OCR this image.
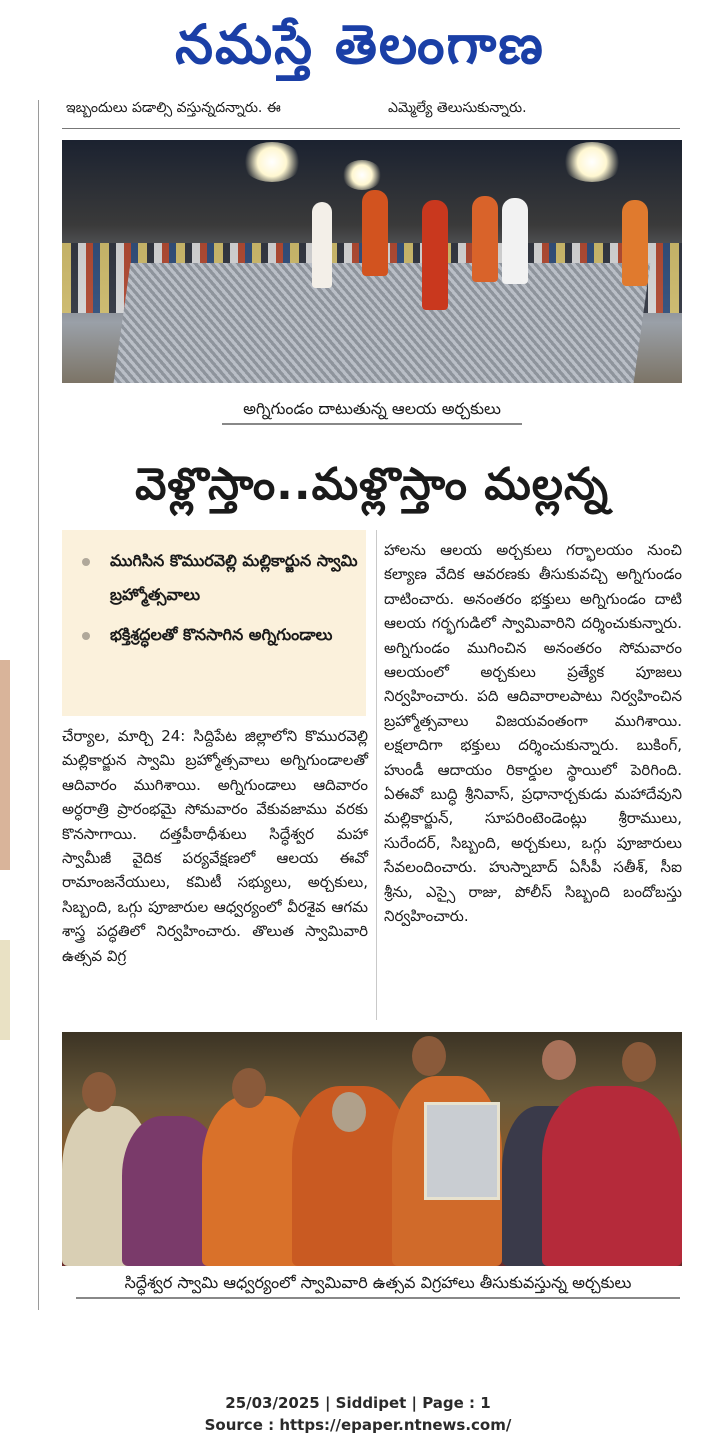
నమస్తే తెలంగాణ
ఇబ్బందులు పడాల్సి వస్తున్నదన్నారు. ఈ	ఎమ్మెల్యే తెలుసుకున్నారు.
అగ్నిగుండం దాటుతున్న ఆలయ అర్చకులు
వెళ్లొస్తాం..మళ్లొస్తాం మల్లన్న
ముగిసిన కొమురవెల్లి మల్లికార్జున స్వామి బ్రహ్మోత్సవాలు
భక్తిశ్రద్ధలతో కొనసాగిన అగ్నిగుండాలు

చేర్యాల, మార్చి 24: సిద్దిపేట జిల్లాలోని కొమురవెల్లి మల్లికార్జున స్వామి బ్రహ్మోత్సవాలు అగ్నిగుండాలతో ఆదివారం ముగిశాయి. అగ్నిగుండాలు ఆదివారం అర్ధరాత్రి ప్రారంభమై సోమవారం వేకువజాము వరకు కొనసాగాయి. దత్తపీఠాధీశులు సిద్ధేశ్వర మహా స్వామీజీ వైదిక పర్యవేక్షణలో ఆలయ ఈవో రామాంజనేయులు, కమిటీ సభ్యులు, అర్చకులు, సిబ్బంది, ఒగ్గు పూజారుల ఆధ్వర్యంలో వీరశైవ ఆగమ శాస్త్ర పద్ధతిలో నిర్వహించారు. తొలుత స్వామివారి ఉత్సవ విగ్ర

హాలను ఆలయ అర్చకులు గర్భాలయం నుంచి కల్యాణ వేదిక ఆవరణకు తీసుకువచ్చి అగ్నిగుండం దాటించారు. అనంతరం భక్తులు అగ్నిగుండం దాటి ఆలయ గర్భగుడిలో స్వామివారిని దర్శించుకున్నారు. అగ్నిగుండం ముగించిన అనంతరం సోమవారం ఆలయంలో అర్చకులు ప్రత్యేక పూజలు నిర్వహించారు. పది ఆదివారాలపాటు నిర్వహించిన బ్రహ్మోత్సవాలు విజయవంతంగా ముగిశాయి. లక్షలాదిగా భక్తులు దర్శించుకున్నారు. బుకింగ్, హుండీ ఆదాయం రికార్డుల స్థాయిలో పెరిగింది. ఏఈవో బుద్ధి శ్రీనివాస్, ప్రధానార్చకుడు మహాదేవుని మల్లికార్జున్, సూపరింటెండెంట్లు శ్రీరాములు, సురేందర్, సిబ్బంది, అర్చకులు, ఒగ్గు పూజారులు సేవలందించారు. హుస్నాబాద్ ఏసీపీ సతీశ్, సీఐ శ్రీను, ఎస్సై రాజు, పోలీస్ సిబ్బంది బందోబస్తు నిర్వహించారు.

సిద్ధేశ్వర స్వామి ఆధ్వర్యంలో స్వామివారి ఉత్సవ విగ్రహాలు తీసుకువస్తున్న అర్చకులు
25/03/2025 | Siddipet | Page : 1
Source : https://epaper.ntnews.com/
